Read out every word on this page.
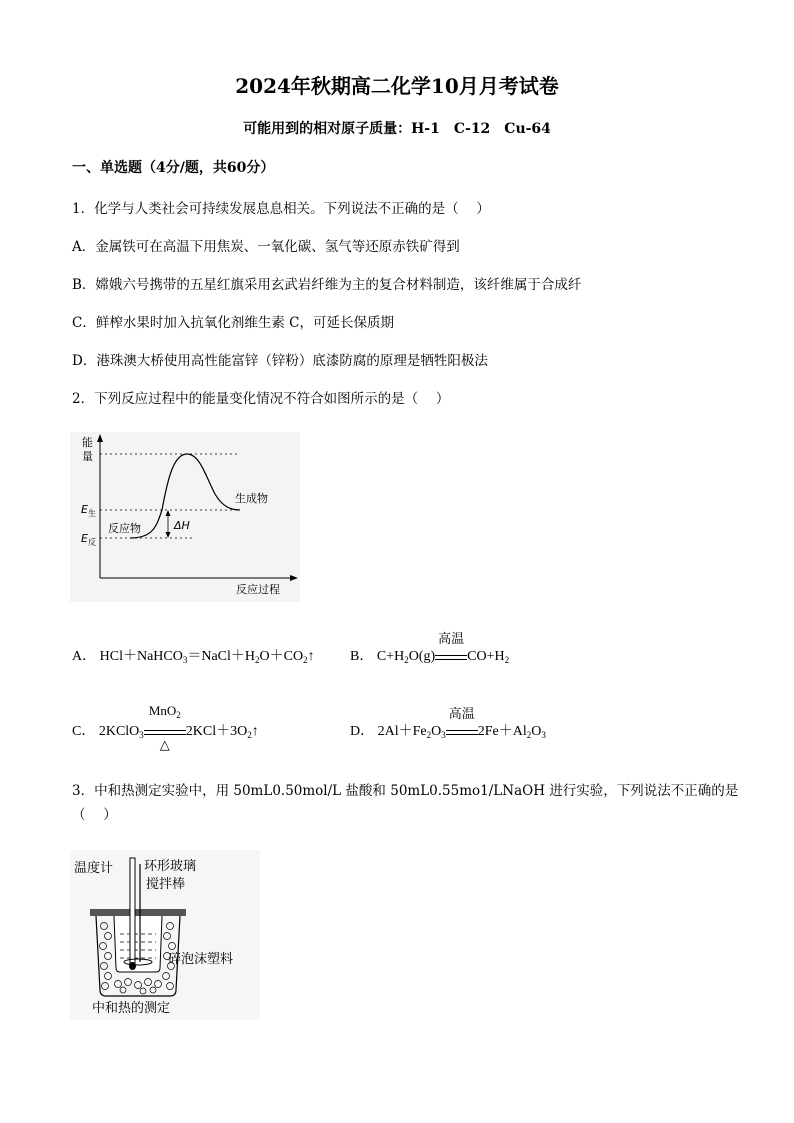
2024年秋期高二化学10月月考试卷
可能用到的相对原子质量：H-1 C-12 Cu-64
一、单选题（4分/题，共60分）
1．化学与人类社会可持续发展息息相关。下列说法不正确的是（　 ）
A．金属铁可在高温下用焦炭、一氧化碳、氢气等还原赤铁矿得到
B．嫦娥六号携带的五星红旗采用玄武岩纤维为主的复合材料制造，该纤维属于合成纤
C．鲜榨水果时加入抗氧化剂维生素 C，可延长保质期
D．港珠澳大桥使用高性能富锌（锌粉）底漆防腐的原理是牺牲阳极法
2．下列反应过程中的能量变化情况不符合如图所示的是（　 ）
能
量
$E_生$
$E_反$
生成物
反应物	ΔH
反应过程
A． $HCl+NaHCO_3=NaCl+H_2O+CO_2↑$	B． $C+H_2O(g)$
高温
$CO+H_2$
C． 2KClO$_3$
MnO$_2$
△
$2KCl+3O_2↑$	D． $2Al+Fe_2O_3$
高温
$2Fe+Al_2O_3$
3．中和热测定实验中，用 50mL0.50mol/L 盐酸和 50mL0.55mo1/LNaOH 进行实验，下列说法不正确的是
（　 ）
温度计 环形玻璃
搅拌棒
碎泡沫塑料
中和热的测定
